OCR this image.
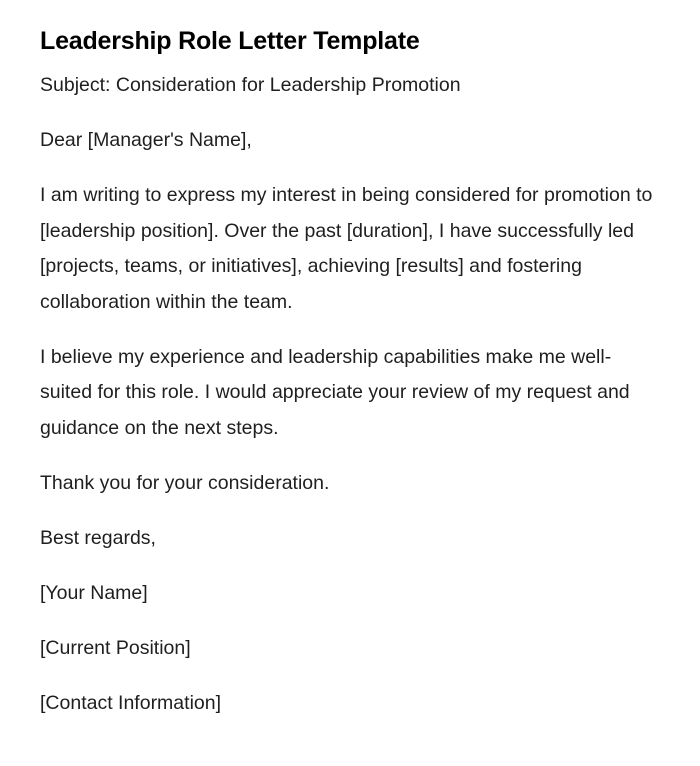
Leadership Role Letter Template

Subject: Consideration for Leadership Promotion

Dear [Manager's Name],

I am writing to express my interest in being considered for promotion to [leadership position]. Over the past [duration], I have successfully led [projects, teams, or initiatives], achieving [results] and fostering collaboration within the team.

I believe my experience and leadership capabilities make me well-suited for this role. I would appreciate your review of my request and guidance on the next steps.

Thank you for your consideration.

Best regards,

[Your Name]

[Current Position]

[Contact Information]
